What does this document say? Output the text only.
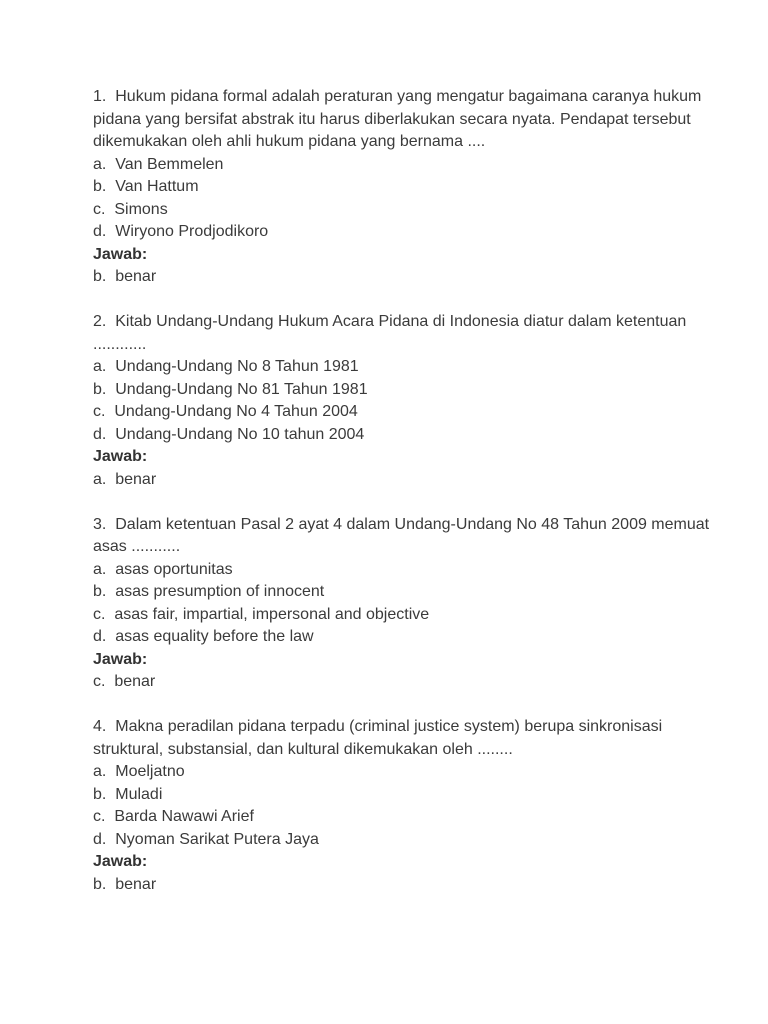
1.  Hukum pidana formal adalah peraturan yang mengatur bagaimana caranya hukum pidana yang bersifat abstrak itu harus diberlakukan secara nyata. Pendapat tersebut dikemukakan oleh ahli hukum pidana yang bernama ....
a.  Van Bemmelen
b.  Van Hattum
c.  Simons
d.  Wiryono Prodjodikoro
Jawab:
b.  benar
2.  Kitab Undang-Undang Hukum Acara Pidana di Indonesia diatur dalam ketentuan ............
a.  Undang-Undang No 8 Tahun 1981
b.  Undang-Undang No 81 Tahun 1981
c.  Undang-Undang No 4 Tahun 2004
d.  Undang-Undang No 10 tahun 2004
Jawab:
a.  benar
3.  Dalam ketentuan Pasal 2 ayat 4 dalam Undang-Undang No 48 Tahun 2009 memuat asas ...........
a.  asas oportunitas
b.  asas presumption of innocent
c.  asas fair, impartial, impersonal and objective
d.  asas equality before the law
Jawab:
c.  benar
4.  Makna peradilan pidana terpadu (criminal justice system) berupa sinkronisasi struktural, substansial, dan kultural dikemukakan oleh ........
a.  Moeljatno
b.  Muladi
c.  Barda Nawawi Arief
d.  Nyoman Sarikat Putera Jaya
Jawab:
b.  benar
